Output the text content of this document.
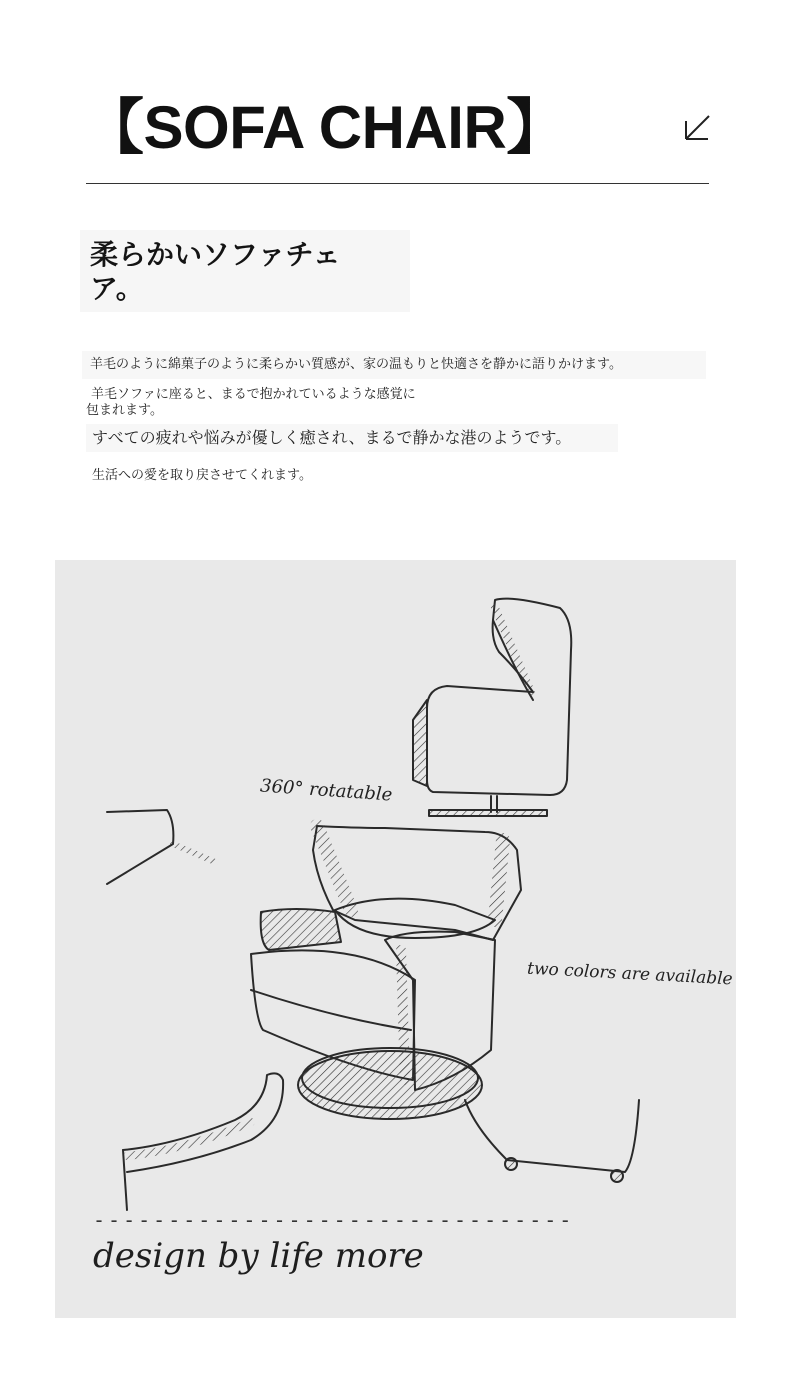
【SOFA CHAIR】
柔らかいソファチェア。
羊毛のように綿菓子のように柔らかい質感が、家の温もりと快適さを静かに語りかけます。
羊毛ソファに座ると、まるで抱かれているような感覚に
包まれます。
すべての疲れや悩みが優しく癒され、まるで静かな港のようです。
生活への愛を取り戻させてくれます。
360° rotatable
two colors are available
--------------------------------
design by life more
